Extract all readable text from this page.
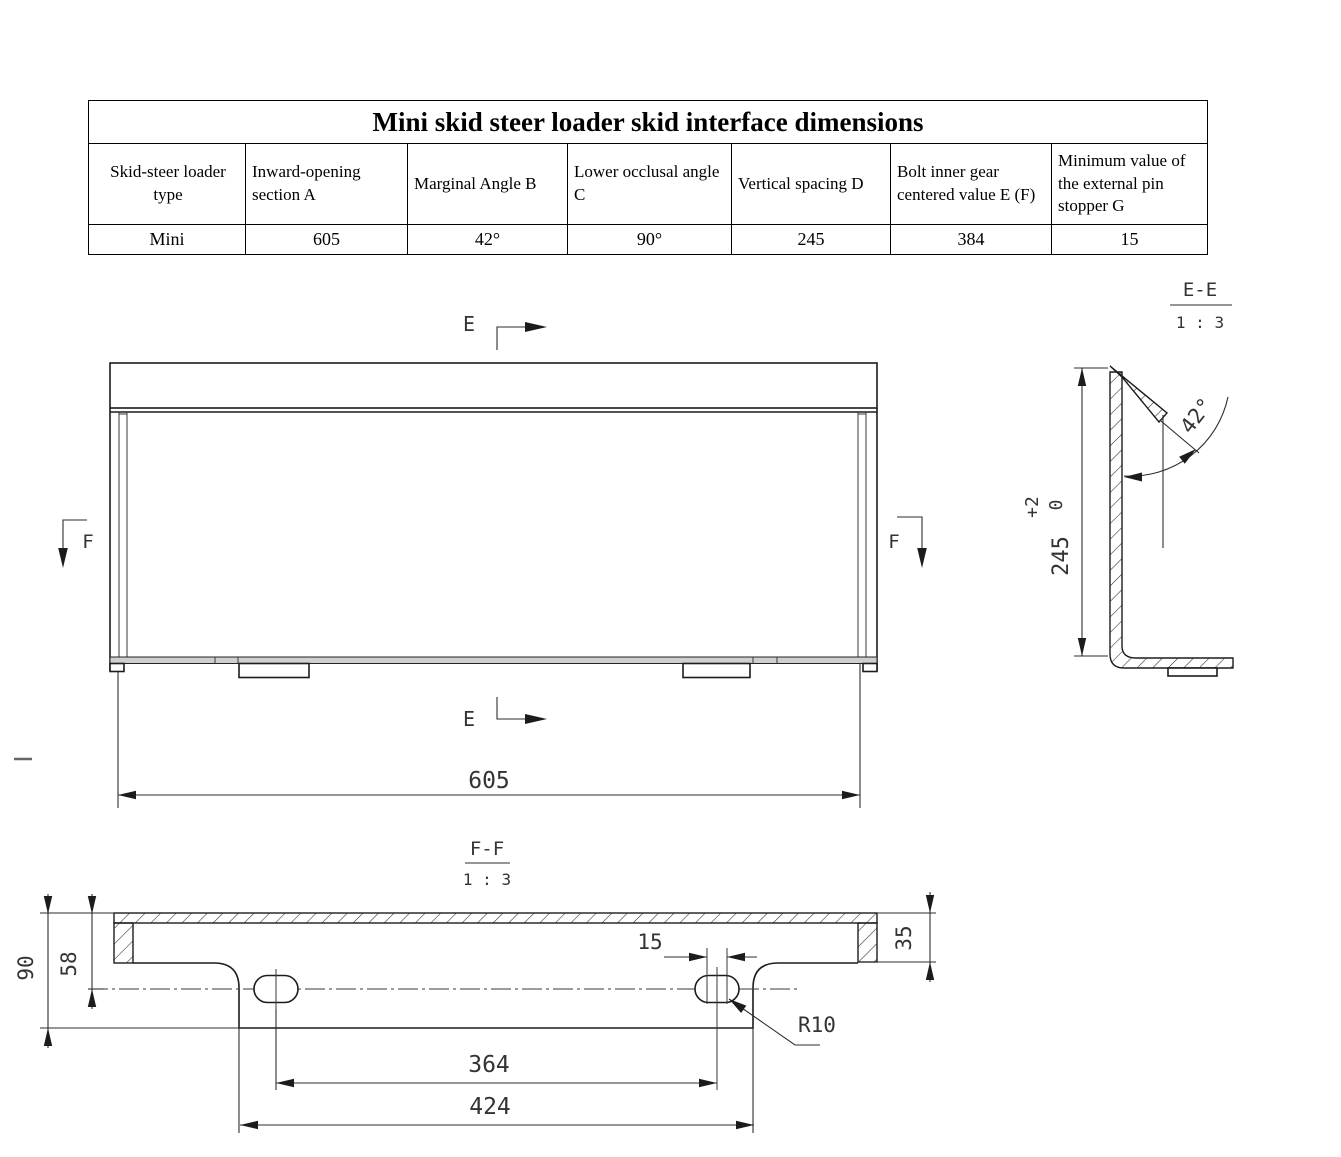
Mini skid steer loader skid interface dimensions						
Skid-steer loader type	Inward-opening section A	Marginal Angle B	Lower occlusal angle C	Vertical spacing D	Bolt inner gear centered value E (F)	Minimum value of the external pin stopper G
Mini	605	42°	90°	245	384	15
E
E
F	F
605
E-E
1 : 3
42°
245
+2 0
F-F
1 : 3
90 58
35
15
R10
364
424
